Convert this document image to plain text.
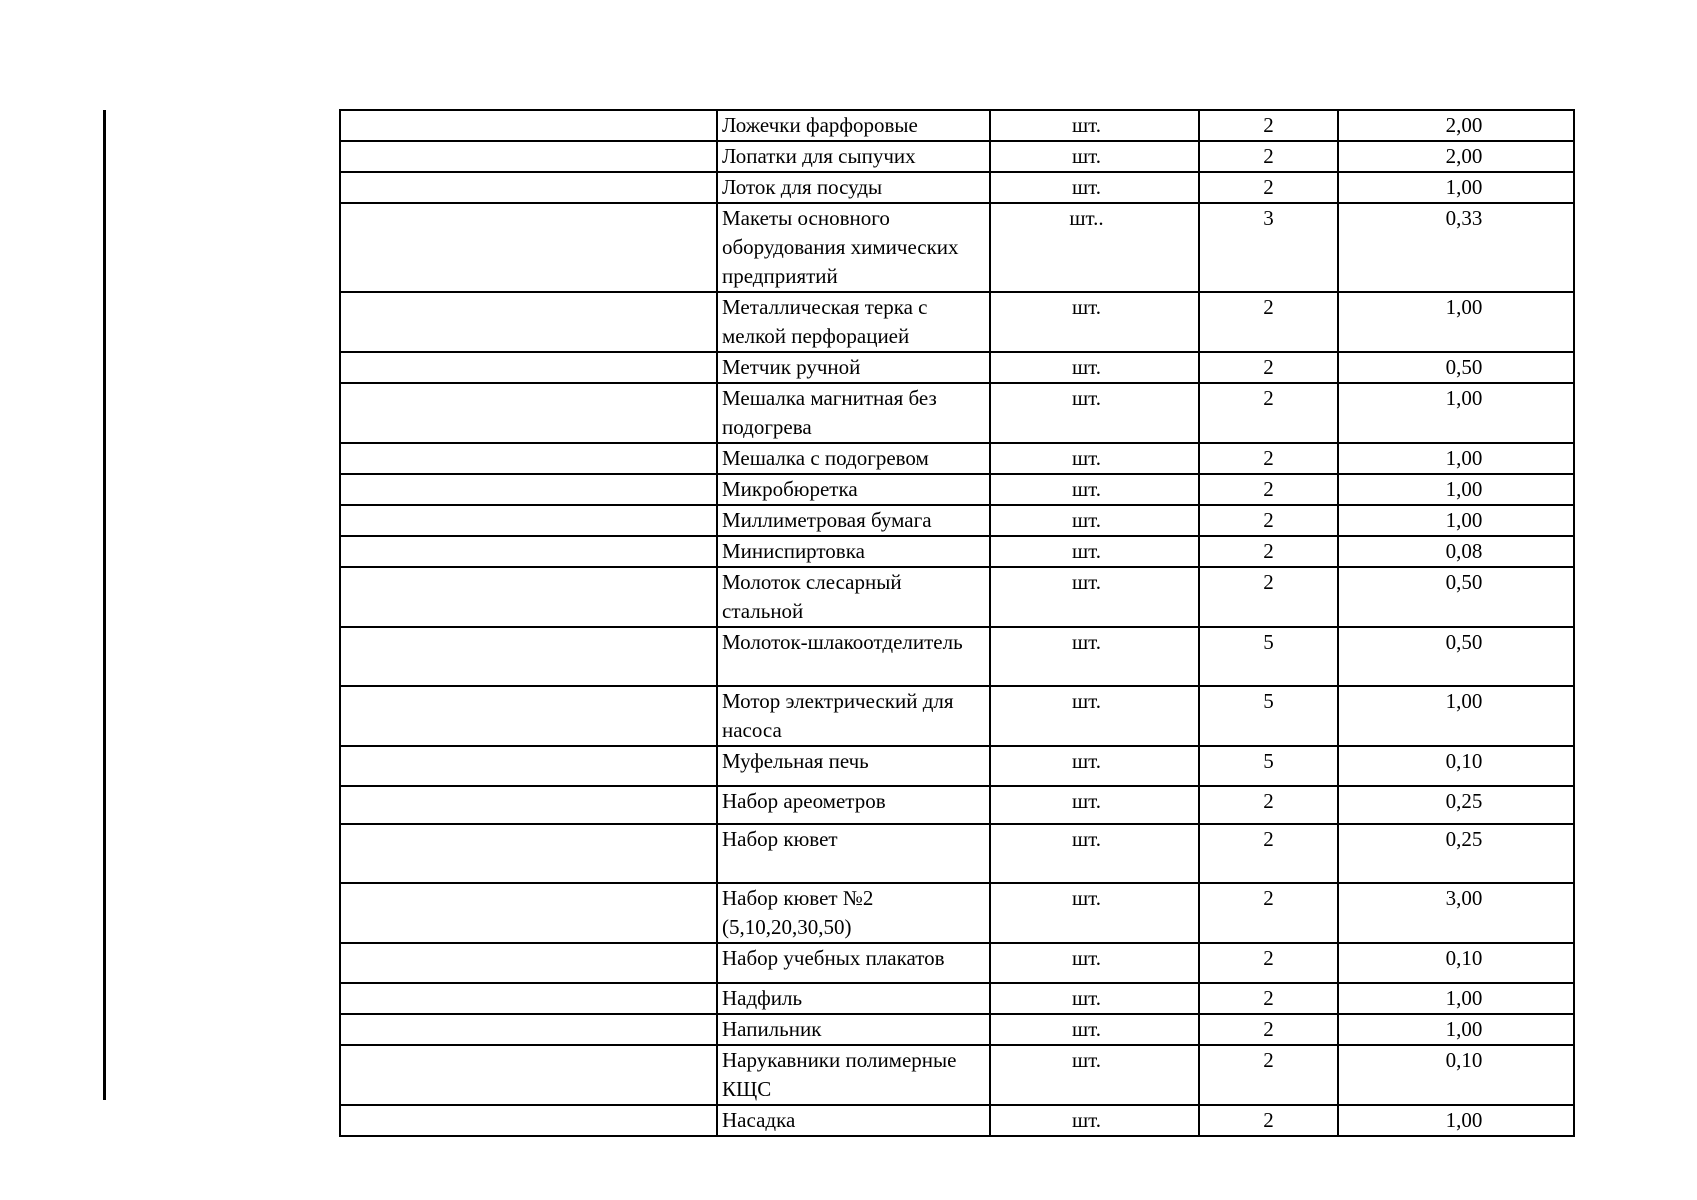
	Ложечки фарфоровые	шт.	2	2,00
	Лопатки для сыпучих	шт.	2	2,00
	Лоток для посуды	шт.	2	1,00
	Макеты основного оборудования химических предприятий	шт..	3	0,33
	Металлическая терка с мелкой перфорацией	шт.	2	1,00
	Метчик ручной	шт.	2	0,50
	Мешалка магнитная без подогрева	шт.	2	1,00
	Мешалка с подогревом	шт.	2	1,00
	Микробюретка	шт.	2	1,00
	Миллиметровая бумага	шт.	2	1,00
	Миниспиртовка	шт.	2	0,08
	Молоток слесарный стальной	шт.	2	0,50
	Молоток-шлакоотделитель	шт.	5	0,50
	Мотор электрический для насоса	шт.	5	1,00
	Муфельная печь	шт.	5	0,10
	Набор ареометров	шт.	2	0,25
	Набор кювет	шт.	2	0,25
	Набор кювет №2 (5,10,20,30,50)	шт.	2	3,00
	Набор учебных плакатов	шт.	2	0,10
	Надфиль	шт.	2	1,00
	Напильник	шт.	2	1,00
	Нарукавники полимерные КЩС	шт.	2	0,10
	Насадка	шт.	2	1,00
